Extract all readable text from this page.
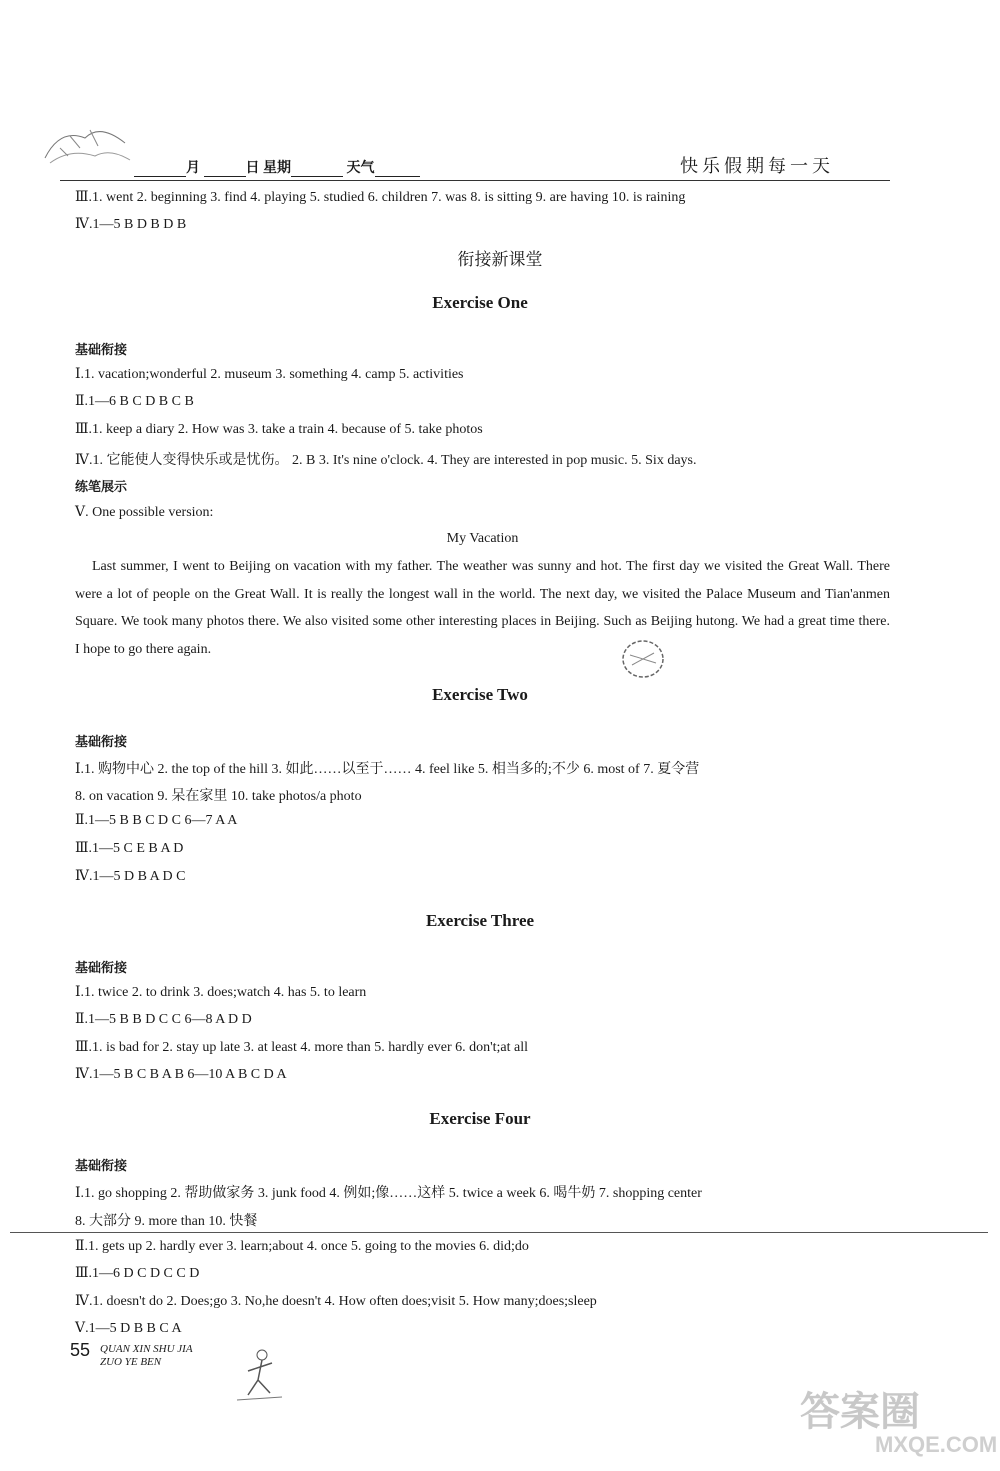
月	日 星期	天气	快乐假期每一天
Ⅲ.1. went 2. beginning 3. find 4. playing 5. studied 6. children 7. was 8. is sitting 9. are having 10. is raining
Ⅳ.1—5 B D B D B
衔接新课堂
Exercise One
基础衔接
Ⅰ.1. vacation;wonderful 2. museum 3. something 4. camp 5. activities
Ⅱ.1—6 B C D B C B
Ⅲ.1. keep a diary 2. How was 3. take a train 4. because of 5. take photos
Ⅳ.1. 它能使人变得快乐或是忧伤。 2. B 3. It's nine o'clock. 4. They are interested in pop music. 5. Six days.
练笔展示
Ⅴ. One possible version:
My Vacation
Last summer, I went to Beijing on vacation with my father. The weather was sunny and hot. The first day we visited the Great Wall. There were a lot of people on the Great Wall. It is really the longest wall in the world. The next day, we visited the Palace Museum and Tian'anmen Square. We took many photos there. We also visited some other interesting places in Beijing. Such as Beijing hutong. We had a great time there. I hope to go there again.
Exercise Two
基础衔接
Ⅰ.1. 购物中心 2. the top of the hill 3. 如此……以至于…… 4. feel like 5. 相当多的;不少 6. most of 7. 夏令营
8. on vacation 9. 呆在家里 10. take photos/a photo
Ⅱ.1—5 B B C D C 6—7 A A
Ⅲ.1—5 C E B A D
Ⅳ.1—5 D B A D C
Exercise Three
基础衔接
Ⅰ.1. twice 2. to drink 3. does;watch 4. has 5. to learn
Ⅱ.1—5 B B D C C 6—8 A D D
Ⅲ.1. is bad for 2. stay up late 3. at least 4. more than 5. hardly ever 6. don't;at all
Ⅳ.1—5 B C B A B 6—10 A B C D A
Exercise Four
基础衔接
Ⅰ.1. go shopping 2. 帮助做家务 3. junk food 4. 例如;像……这样 5. twice a week 6. 喝牛奶 7. shopping center
8. 大部分 9. more than 10. 快餐
Ⅱ.1. gets up 2. hardly ever 3. learn;about 4. once 5. going to the movies 6. did;do
Ⅲ.1—6 D C D C C D
Ⅳ.1. doesn't do 2. Does;go 3. No,he doesn't 4. How often does;visit 5. How many;does;sleep
Ⅴ.1—5 D B B C A
55 QUAN XIN SHU JIA
ZUO YE BEN
答案圈
MXQE.COM
